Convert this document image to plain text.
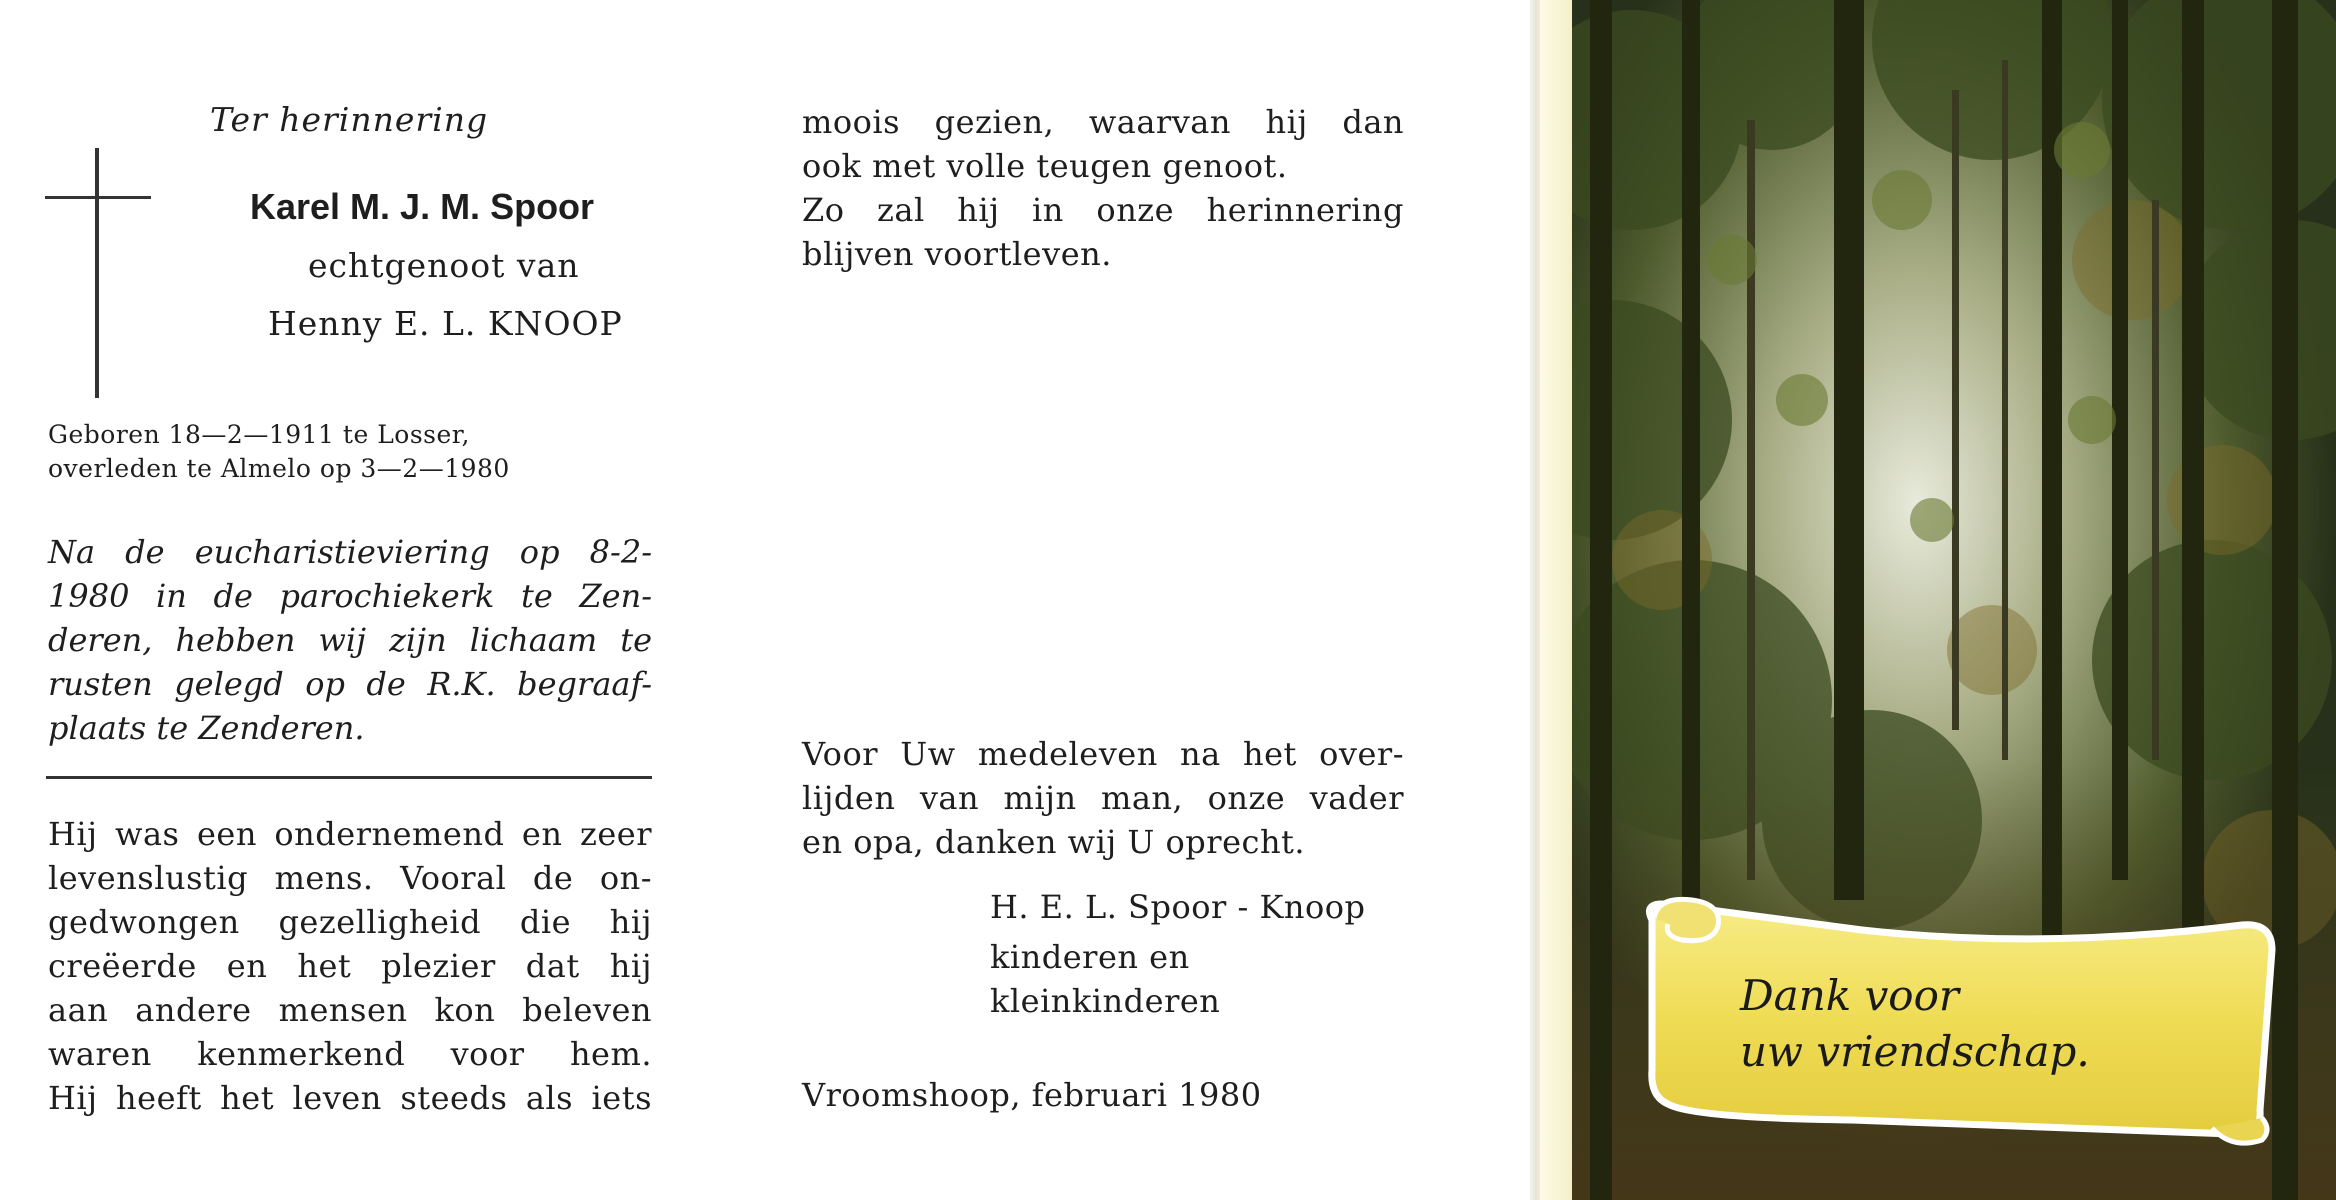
Ter herinnering
Karel M. J. M. Spoor
echtgenoot van
Henny E. L. KNOOP
Geboren 18—2—1911 te Losser,
overleden te Almelo op 3—2—1980
Na de eucharistieviering op 8-2-
1980 in de parochiekerk te Zen-
deren, hebben wij zijn lichaam te
rusten gelegd op de R.K. begraaf-
plaats te Zenderen.
Hij was een ondernemend en zeer
levenslustig mens. Vooral de on-
gedwongen gezelligheid die hij
creëerde en het plezier dat hij
aan andere mensen kon beleven
waren kenmerkend voor hem.
Hij heeft het leven steeds als iets
moois gezien, waarvan hij dan
ook met volle teugen genoot.
Zo zal hij in onze herinnering
blijven voortleven.
Voor Uw medeleven na het over-
lijden van mijn man, onze vader
en opa, danken wij U oprecht.
H. E. L. Spoor - Knoop
kinderen en
kleinkinderen
Vroomshoop, februari 1980
Dank voor
uw vriendschap.
